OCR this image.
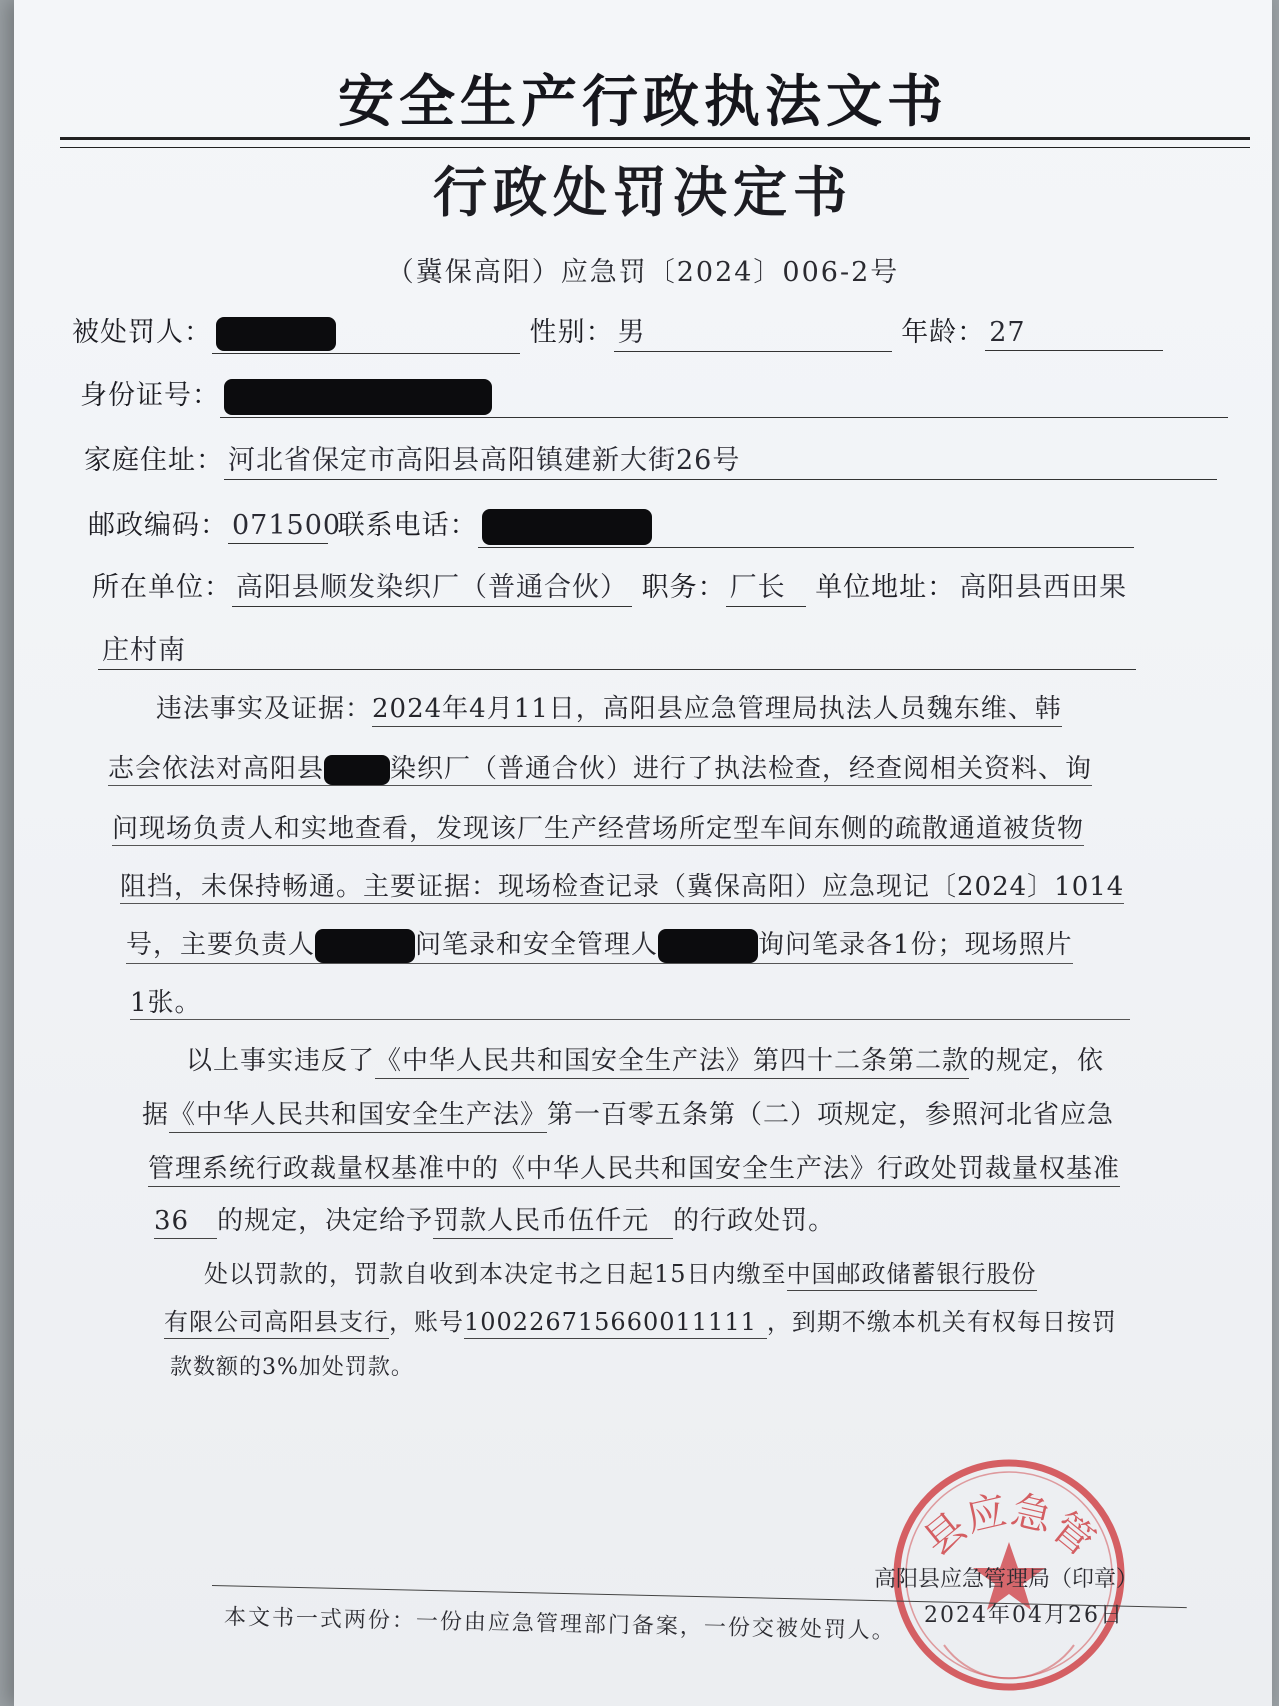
安全生产行政执法文书
行政处罚决定书
（冀保高阳）应急罚〔2024〕006-2号
被处罚人：	性别： 男	年龄： 27
身份证号：
家庭住址： 河北省保定市高阳县高阳镇建新大街26号
邮政编码： 071500 联系电话：
所在单位： 高阳县顺发染织厂（普通合伙） 职务： 厂长 单位地址： 高阳县西田果
庄村南
违法事实及证据：2024年4月11日，高阳县应急管理局执法人员魏东维、韩
志会依法对高阳县	染织厂（普通合伙）进行了执法检查，经查阅相关资料、询
问现场负责人和实地查看，发现该厂生产经营场所定型车间东侧的疏散通道被货物
阻挡，未保持畅通。主要证据：现场检查记录（冀保高阳）应急现记〔2024〕1014
号，主要负责人	问笔录和安全管理人	询问笔录各1份；现场照片
1张。
以上事实违反了《中华人民共和国安全生产法》第四十二条第二款的规定，依
据《中华人民共和国安全生产法》第一百零五条第（二）项规定，参照河北省应急
管理系统行政裁量权基准中的《中华人民共和国安全生产法》行政处罚裁量权基准
36 的规定，决定给予罚款人民币伍仟元 的行政处罚。
处以罚款的，罚款自收到本决定书之日起15日内缴至中国邮政储蓄银行股份
有限公司高阳县支行，账号100226715660011111 ，到期不缴本机关有权每日按罚
款数额的3%加处罚款。
县应急管
高阳县应急管理局（印章）
2024年04月26日
本文书一式两份：一份由应急管理部门备案，一份交被处罚人。
